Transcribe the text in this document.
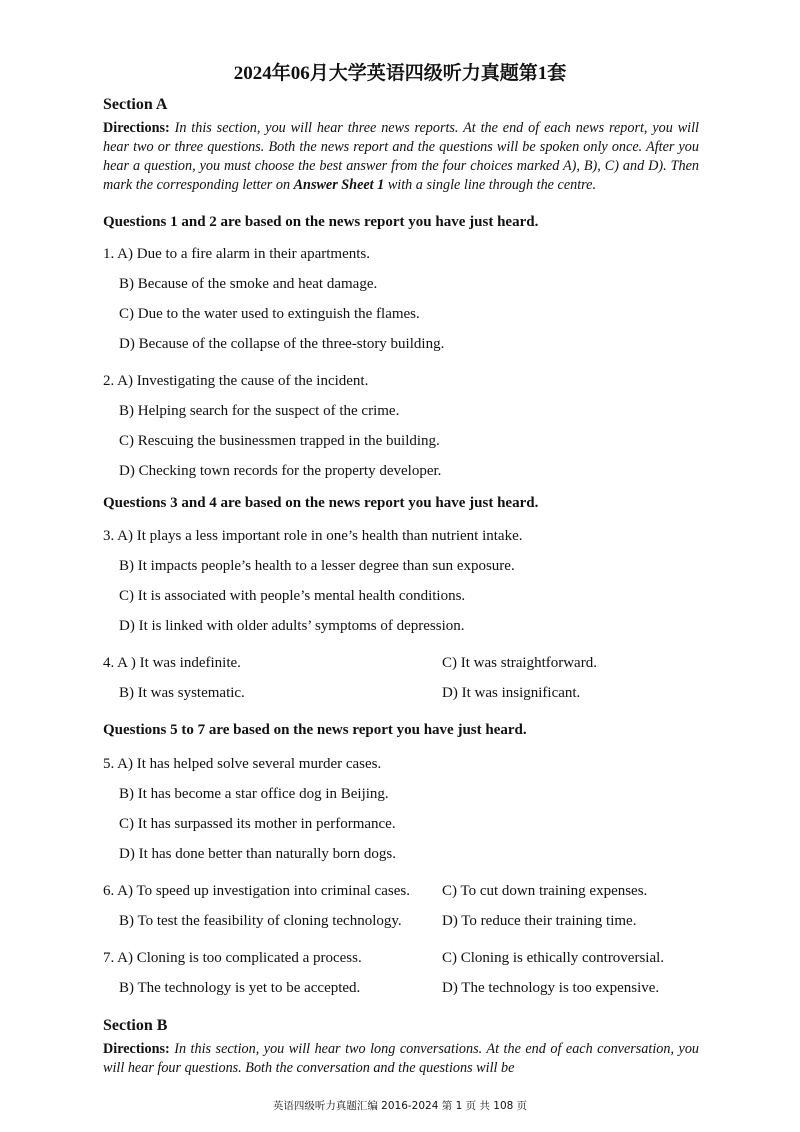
2024年06月大学英语四级听力真题第1套
Section A
Directions: In this section, you will hear three news reports. At the end of each news report, you will hear two or three questions. Both the news report and the questions will be spoken only once. After you hear a question, you must choose the best answer from the four choices marked A), B), C) and D). Then mark the corresponding letter on Answer Sheet 1 with a single line through the centre.
Questions 1 and 2 are based on the news report you have just heard.
1. A) Due to a fire alarm in their apartments.
B) Because of the smoke and heat damage.
C) Due to the water used to extinguish the flames.
D) Because of the collapse of the three-story building.
2. A) Investigating the cause of the incident.
B) Helping search for the suspect of the crime.
C) Rescuing the businessmen trapped in the building.
D) Checking town records for the property developer.
Questions 3 and 4 are based on the news report you have just heard.
3. A) It plays a less important role in one’s health than nutrient intake.
B) It impacts people’s health to a lesser degree than sun exposure.
C) It is associated with people’s mental health conditions.
D) It is linked with older adults’ symptoms of depression.
4. A ) It was indefinite.	C) It was straightforward.
B) It was systematic.	D) It was insignificant.
Questions 5 to 7 are based on the news report you have just heard.
5. A) It has helped solve several murder cases.
B) It has become a star office dog in Beijing.
C) It has surpassed its mother in performance.
D) It has done better than naturally born dogs.
6. A) To speed up investigation into criminal cases. C) To cut down training expenses.
B) To test the feasibility of cloning technology.	D) To reduce their training time.
7. A) Cloning is too complicated a process.	C) Cloning is ethically controversial.
B) The technology is yet to be accepted.	D) The technology is too expensive.
Section B
Directions: In this section, you will hear two long conversations. At the end of each conversation, you will hear four questions. Both the conversation and the questions will be
英语四级听力真题汇编 2016-2024 第 1 页 共 108 页
